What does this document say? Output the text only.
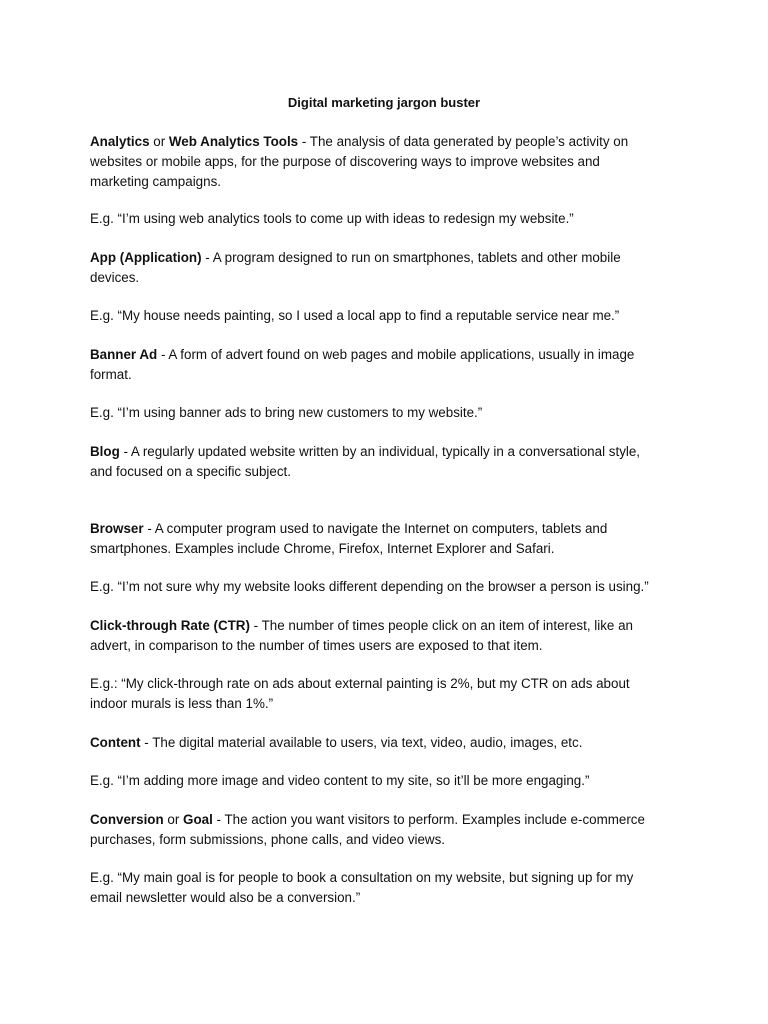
Digital marketing jargon buster
Analytics or Web Analytics Tools - The analysis of data generated by people’s activity on
websites or mobile apps, for the purpose of discovering ways to improve websites and
marketing campaigns.
E.g. “I’m using web analytics tools to come up with ideas to redesign my website.”
App (Application) - A program designed to run on smartphones, tablets and other mobile
devices.
E.g. “My house needs painting, so I used a local app to find a reputable service near me.”
Banner Ad - A form of advert found on web pages and mobile applications, usually in image
format.
E.g. “I’m using banner ads to bring new customers to my website.”
Blog - A regularly updated website written by an individual, typically in a conversational style,
and focused on a specific subject.
Browser - A computer program used to navigate the Internet on computers, tablets and
smartphones. Examples include Chrome, Firefox, Internet Explorer and Safari.
E.g. “I’m not sure why my website looks different depending on the browser a person is using.”
Click-through Rate (CTR) - The number of times people click on an item of interest, like an
advert, in comparison to the number of times users are exposed to that item.
E.g.: “My click-through rate on ads about external painting is 2%, but my CTR on ads about
indoor murals is less than 1%.”
Content - The digital material available to users, via text, video, audio, images, etc.
E.g. “I’m adding more image and video content to my site, so it’ll be more engaging.”
Conversion or Goal - The action you want visitors to perform. Examples include e-commerce
purchases, form submissions, phone calls, and video views.
E.g. “My main goal is for people to book a consultation on my website, but signing up for my
email newsletter would also be a conversion.”
